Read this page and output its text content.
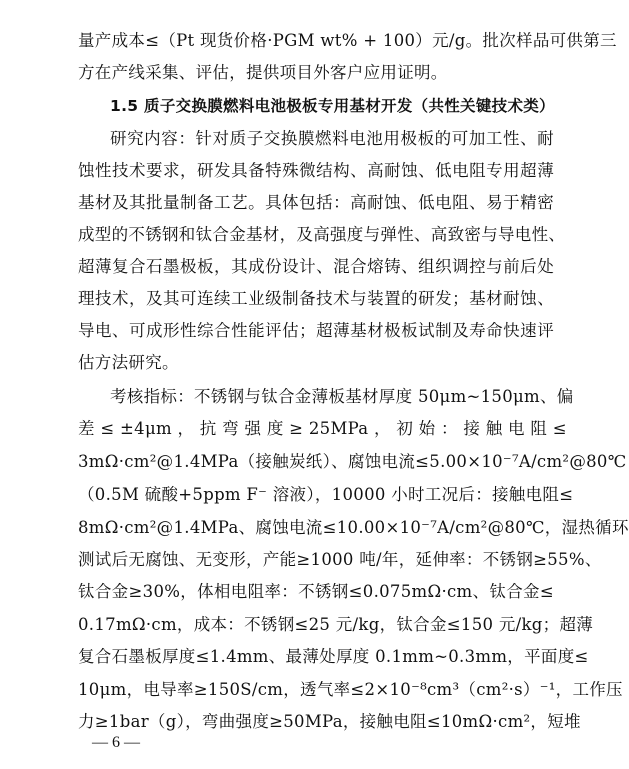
量产成本≤（Pt 现货价格·PGM wt% + 100）元/g。批次样品可供第三
方在产线采集、评估，提供项目外客户应用证明。
1.5 质子交换膜燃料电池极板专用基材开发（共性关键技术类）
研究内容：针对质子交换膜燃料电池用极板的可加工性、耐
蚀性技术要求，研发具备特殊微结构、高耐蚀、低电阻专用超薄
基材及其批量制备工艺。具体包括：高耐蚀、低电阻、易于精密
成型的不锈钢和钛合金基材，及高强度与弹性、高致密与导电性、
超薄复合石墨极板，其成份设计、混合熔铸、组织调控与前后处
理技术，及其可连续工业级制备技术与装置的研发；基材耐蚀、
导电、可成形性综合性能评估；超薄基材极板试制及寿命快速评
估方法研究。
考核指标：不锈钢与钛合金薄板基材厚度 50μm~150μm、偏
差 ≤ ±4μm ， 抗 弯 强 度 ≥ 25MPa ， 初 始 ： 接 触 电 阻 ≤
3mΩ·cm²@1.4MPa（接触炭纸）、腐蚀电流≤5.00×10⁻⁷A/cm²@80℃
（0.5M 硫酸+5ppm F⁻ 溶液），10000 小时工况后：接触电阻≤
8mΩ·cm²@1.4MPa、腐蚀电流≤10.00×10⁻⁷A/cm²@80℃，湿热循环
测试后无腐蚀、无变形，产能≥1000 吨/年，延伸率：不锈钢≥55%、
钛合金≥30%，体相电阻率：不锈钢≤0.075mΩ·cm、钛合金≤
0.17mΩ·cm，成本：不锈钢≤25 元/kg，钛合金≤150 元/kg；超薄
复合石墨板厚度≤1.4mm、最薄处厚度 0.1mm~0.3mm，平面度≤
10μm，电导率≥150S/cm，透气率≤2×10⁻⁸cm³（cm²·s）⁻¹，工作压
力≥1bar（g），弯曲强度≥50MPa，接触电阻≤10mΩ·cm²，短堆
— 6 —
